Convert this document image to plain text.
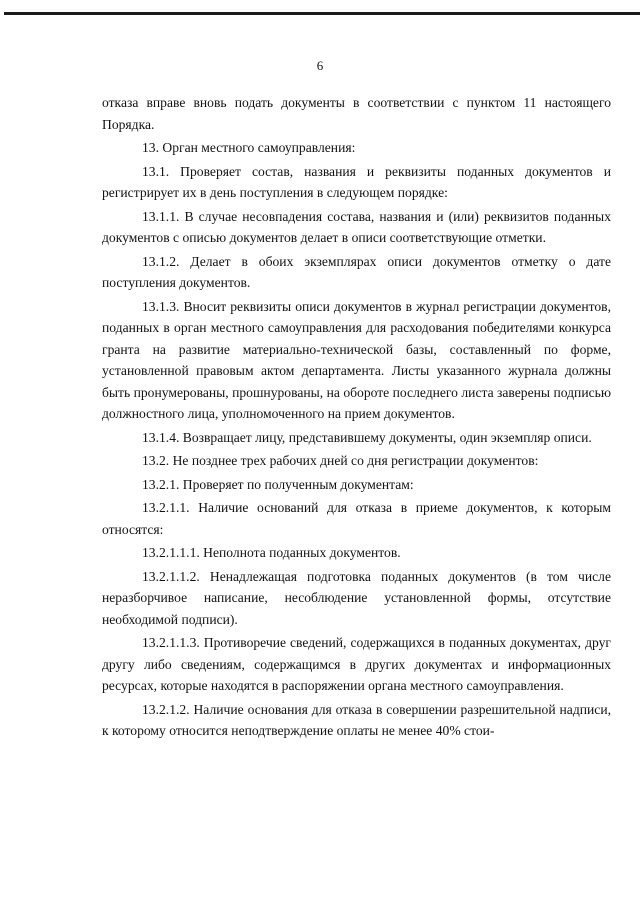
6

отказа вправе вновь подать документы в соответствии с пунктом 11 настоящего Порядка.

13. Орган местного самоуправления:

13.1. Проверяет состав, названия и реквизиты поданных документов и регистрирует их в день поступления в следующем порядке:

13.1.1. В случае несовпадения состава, названия и (или) реквизитов поданных документов с описью документов делает в описи соответствующие отметки.

13.1.2. Делает в обоих экземплярах описи документов отметку о дате поступления документов.

13.1.3. Вносит реквизиты описи документов в журнал регистрации документов, поданных в орган местного самоуправления для расходования победителями конкурса гранта на развитие материально-технической базы, составленный по форме, установленной правовым актом департамента. Листы указанного журнала должны быть пронумерованы, прошнурованы, на обороте последнего листа заверены подписью должностного лица, уполномоченного на прием документов.

13.1.4. Возвращает лицу, представившему документы, один экземпляр описи.

13.2. Не позднее трех рабочих дней со дня регистрации документов:

13.2.1. Проверяет по полученным документам:

13.2.1.1. Наличие оснований для отказа в приеме документов, к которым относятся:

13.2.1.1.1. Неполнота поданных документов.

13.2.1.1.2. Ненадлежащая подготовка поданных документов (в том числе неразборчивое написание, несоблюдение установленной формы, отсутствие необходимой подписи).

13.2.1.1.3. Противоречие сведений, содержащихся в поданных документах, друг другу либо сведениям, содержащимся в других документах и информационных ресурсах, которые находятся в распоряжении органа местного самоуправления.

13.2.1.2. Наличие основания для отказа в совершении разрешительной надписи, к которому относится неподтверждение оплаты не менее 40% стои-
